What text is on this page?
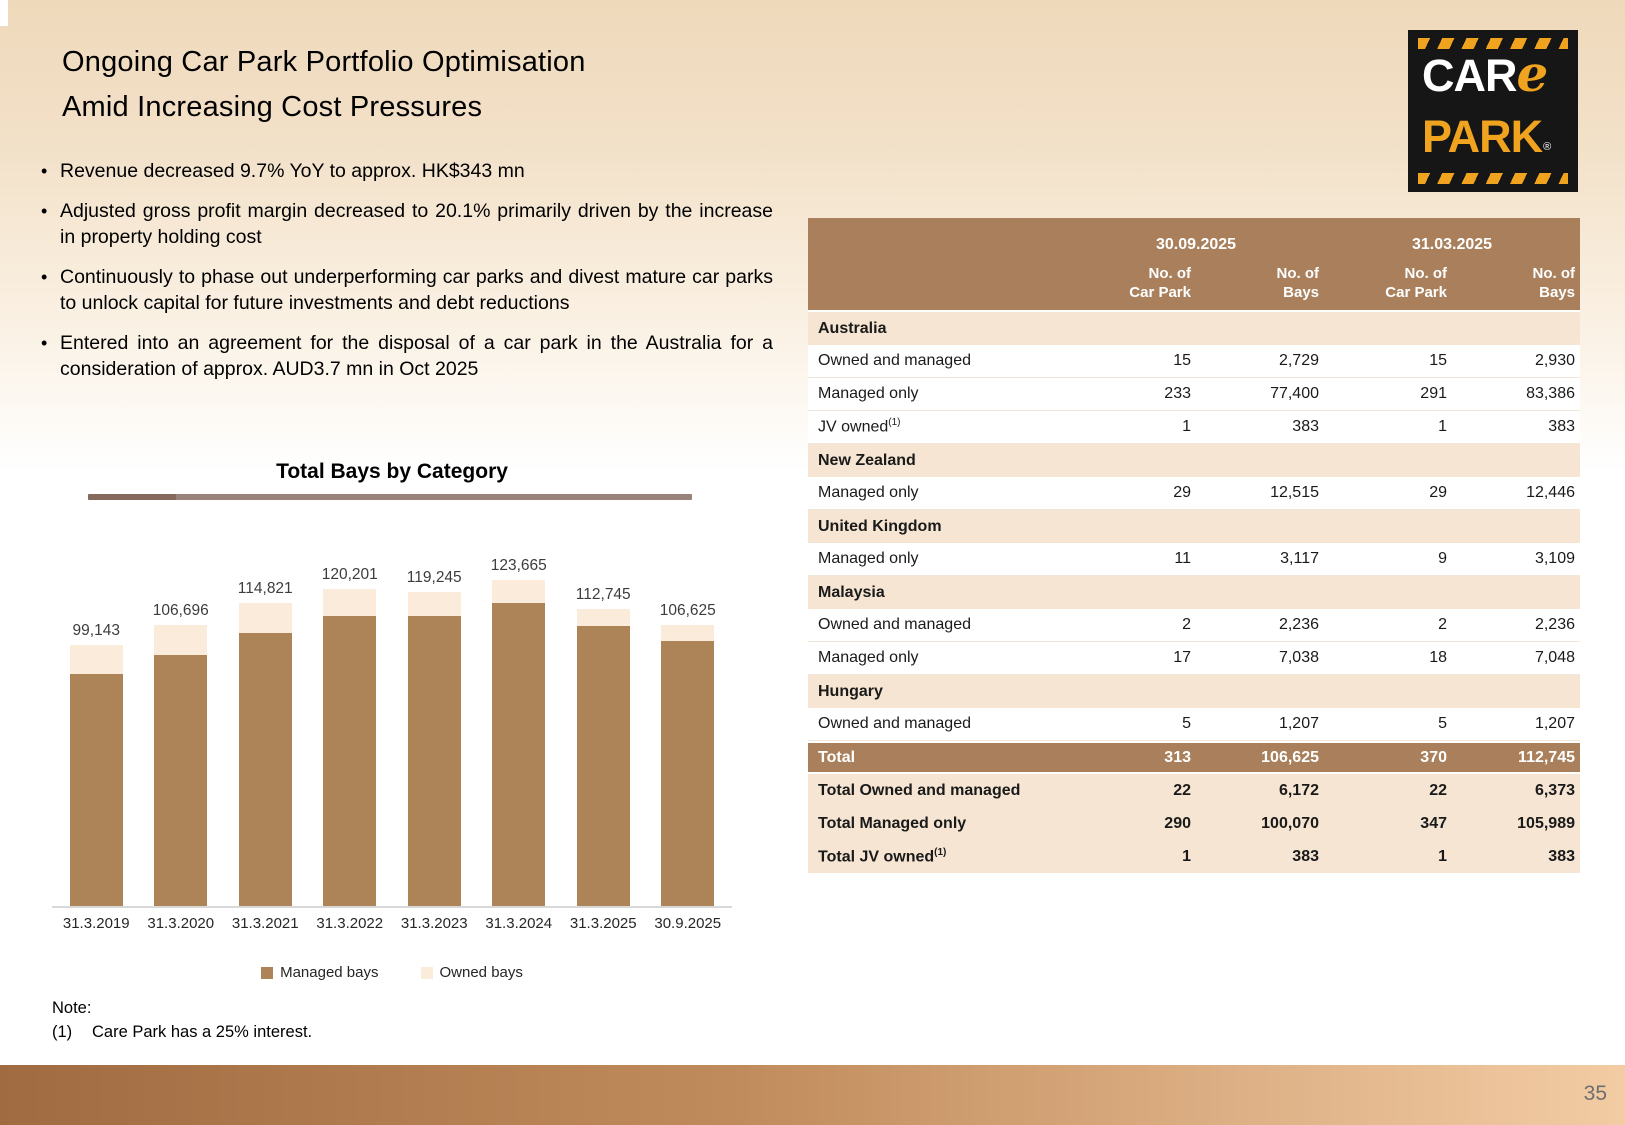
Ongoing Car Park Portfolio Optimisation
Amid Increasing Cost Pressures
CARe
PARK®
• Revenue decreased 9.7% YoY to approx. HK$343 mn
• Adjusted gross profit margin decreased to 20.1% primarily driven by the increase in property holding cost
• Continuously to phase out underperforming car parks and divest mature car parks to unlock capital for future investments and debt reductions
• Entered into an agreement for the disposal of a car park in the Australia for a consideration of approx. AUD3.7 mn in Oct 2025
Total Bays by Category
99,143
106,696
114,821
120,201 119,245
123,665
112,745
106,625
31.3.2019	31.3.2020	31.3.2021	31.3.2022	31.3.2023	31.3.2024	31.3.2025	30.9.2025
Managed bays	Owned bays
Note:
(1) Care Park has a 25% interest.
30.09.2025	31.03.2025
No. of
Car Park
No. of
Bays
No. of
Car Park
No. of
Bays
Australia
Owned and managed	15	2,729	15	2,930
Managed only	233	77,400	291	83,386
JV owned$^{(1)}$	1	383	1	383
New Zealand
Managed only	29	12,515	29	12,446
United Kingdom
Managed only	11	3,117	9	3,109
Malaysia
Owned and managed	2	2,236	2	2,236
Managed only	17	7,038	18	7,048
Hungary
Owned and managed	5	1,207	5	1,207
Total	313	106,625	370	112,745
Total Owned and managed	22	6,172	22	6,373
Total Managed only	290	100,070	347	105,989
Total JV owned$^{(1)}$	1	383	1	383
35
